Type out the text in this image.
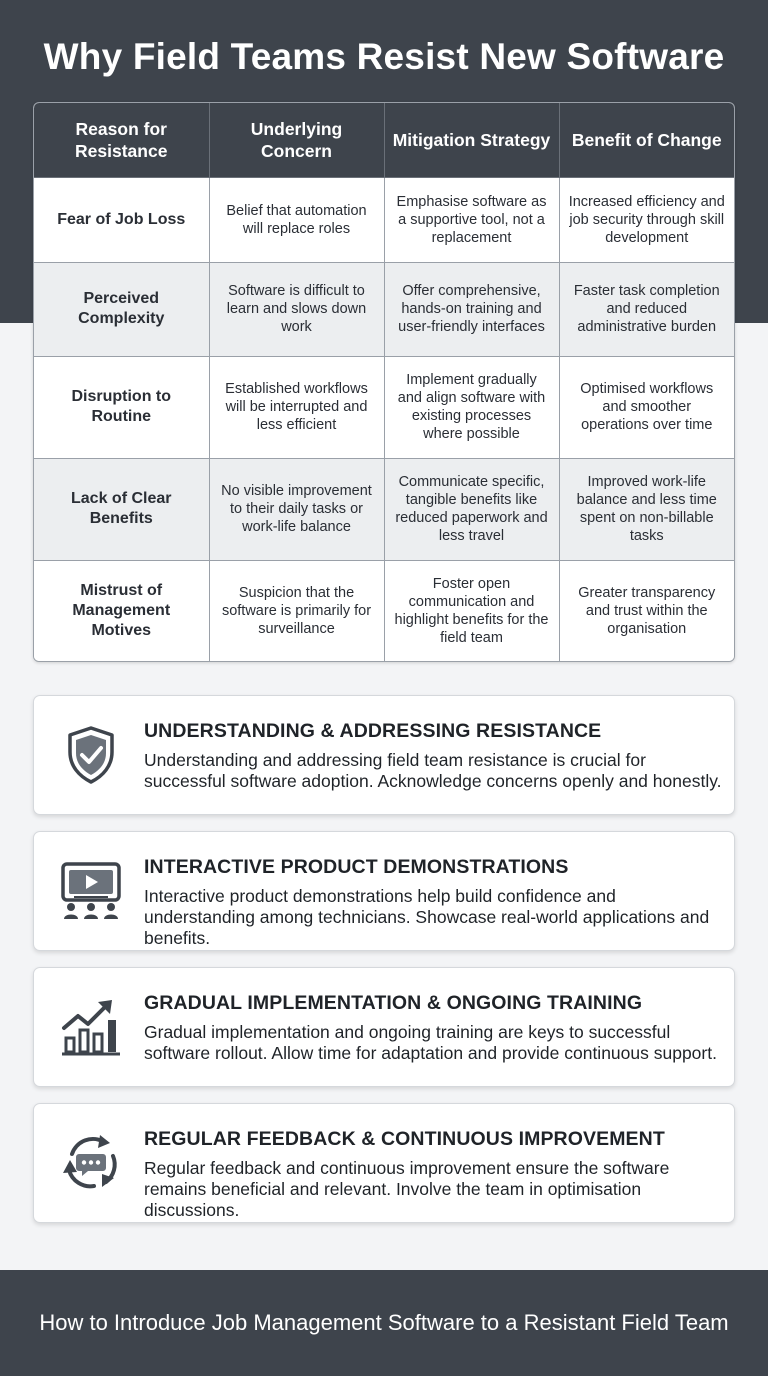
Why Field Teams Resist New Software
Reason for Resistance	Underlying Concern	Mitigation Strategy	Benefit of Change
Fear of Job Loss	Belief that automation will replace roles	Emphasise software as a supportive tool, not a replacement	Increased efficiency and job security through skill development
Perceived Complexity	Software is difficult to learn and slows down work	Offer comprehensive, hands-on training and user-friendly interfaces	Faster task completion and reduced administrative burden
Disruption to Routine	Established workflows will be interrupted and less efficient	Implement gradually and align software with existing processes where possible	Optimised workflows and smoother operations over time
Lack of Clear Benefits	No visible improvement to their daily tasks or work-life balance	Communicate specific, tangible benefits like reduced paperwork and less travel	Improved work-life balance and less time spent on non-billable tasks
Mistrust of Management Motives	Suspicion that the software is primarily for surveillance	Foster open communication and highlight benefits for the field team	Greater transparency and trust within the organisation
UNDERSTANDING & ADDRESSING RESISTANCE

Understanding and addressing field team resistance is crucial for successful software adoption. Acknowledge concerns openly and honestly.

INTERACTIVE PRODUCT DEMONSTRATIONS

Interactive product demonstrations help build confidence and understanding among technicians. Showcase real-world applications and benefits.

GRADUAL IMPLEMENTATION & ONGOING TRAINING

Gradual implementation and ongoing training are keys to successful software rollout. Allow time for adaptation and provide continuous support.

REGULAR FEEDBACK & CONTINUOUS IMPROVEMENT

Regular feedback and continuous improvement ensure the software remains beneficial and relevant. Involve the team in optimisation discussions.

How to Introduce Job Management Software to a Resistant Field Team
